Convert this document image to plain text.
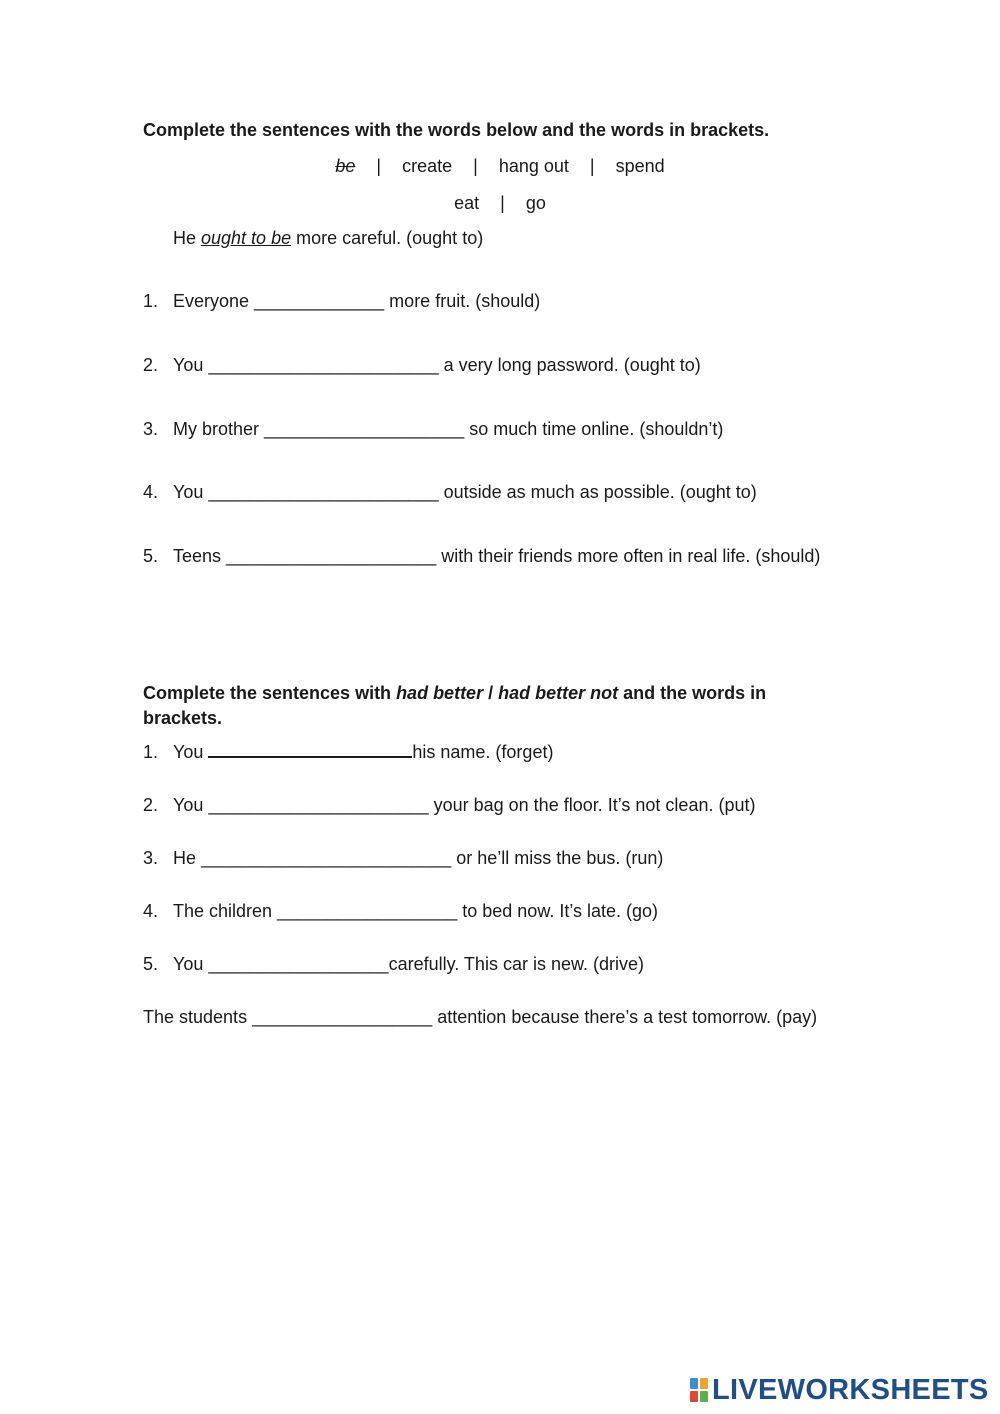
Complete the sentences with the words below and the words in brackets.
be | create | hang out | spend
eat | go
He ought to be more careful. (ought to)
1. Everyone _____________ more fruit. (should)
2. You _______________________ a very long password. (ought to)
3. My brother ____________________ so much time online. (shouldn’t)
4. You _______________________ outside as much as possible. (ought to)
5. Teens _____________________ with their friends more often in real life. (should)
Complete the sentences with had better / had better not and the words in
brackets.
1. You	his name. (forget)
2. You ______________________ your bag on the floor. It’s not clean. (put)
3. He _________________________ or he’ll miss the bus. (run)
4. The children __________________ to bed now. It’s late. (go)
5. You __________________carefully. This car is new. (drive)
The students __________________ attention because there’s a test tomorrow. (pay)
LIVEWORKSHEETS
